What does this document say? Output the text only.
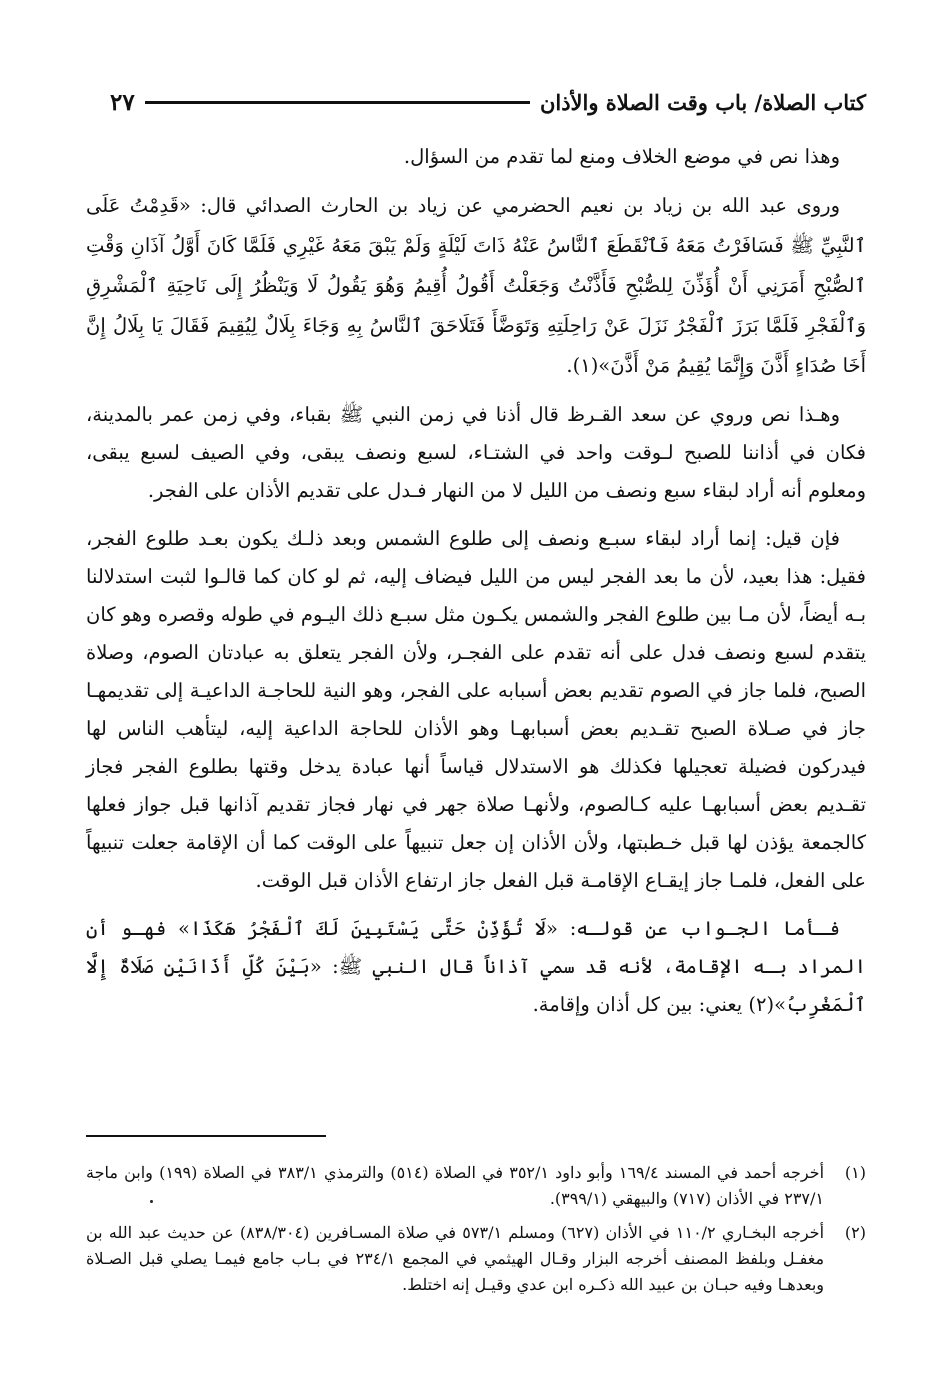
كتاب الصلاة/ باب وقت الصلاة والأذان
٢٧

وهذا نص في موضع الخلاف ومنع لما تقدم من السؤال.

وروى عبد الله بن زياد بن نعيم الحضرمي عن زياد بن الحارث الصدائي قال: «قَدِمْتُ عَلَى ٱلنَّبِيِّ ﷺ فَسَافَرْتُ مَعَهُ فَٱنْقَطَعَ ٱلنَّاسُ عَنْهُ ذَاتَ لَيْلَةٍ وَلَمْ يَبْقَ مَعَهُ غَيْرِي فَلَمَّا كَانَ أَوَّلُ آذَانِ وَقْتِ ٱلصُّبْحِ أَمَرَنِي أَنْ أُؤَذِّنَ لِلصُّبْحِ فَأَذَّنْتُ وَجَعَلْتُ أَقُولُ أُقِيمُ وَهُوَ يَقُولُ لَا وَيَنْظُرُ إِلَى نَاحِيَةِ ٱلْمَشْرِقِ وَٱلْفَجْرِ فَلَمَّا بَرَزَ ٱلْفَجْرُ نَزَلَ عَنْ رَاحِلَتِهِ وَتَوَضَّأَ فَتَلَاحَقَ ٱلنَّاسُ بِهِ وَجَاءَ بِلَالٌ لِيُقِيمَ فَقَالَ يَا بِلَالُ إِنَّ أَخَا صُدَاءٍ أَذَّنَ وَإِنَّمَا يُقِيمُ مَنْ أَذَّنَ»(١).

وهـذا نص وروي عن سعد القـرظ قال أذنا في زمن النبي ﷺ بقباء، وفي زمن عمر بالمدينة، فكان في أذاننا للصبح لـوقت واحد في الشتـاء، لسبع ونصف يبقى، وفي الصيف لسبع يبقى، ومعلوم أنه أراد لبقاء سبع ونصف من الليل لا من النهار فـدل على تقديم الأذان على الفجر.

فإن قيل: إنما أراد لبقاء سبـع ونصف إلى طلوع الشمس وبعد ذلـك يكون بعـد طلوع الفجر، فقيل: هذا بعيد، لأن ما بعد الفجر ليس من الليل فيضاف إليه، ثم لو كان كما قالـوا لثبت استدلالنا بـه أيضاً، لأن مـا بين طلوع الفجر والشمس يكـون مثل سبـع ذلك اليـوم في طوله وقصره وهو كان يتقدم لسبع ونصف فدل على أنه تقدم على الفجـر، ولأن الفجر يتعلق به عبادتان الصوم، وصلاة الصبح، فلما جاز في الصوم تقديم بعض أسبابه على الفجر، وهو النية للحاجـة الداعيـة إلى تقديمهـا جاز في صـلاة الصبح تقـديم بعض أسبابهـا وهو الأذان للحاجة الداعية إليه، ليتأهب الناس لها فيدركون فضيلة تعجيلها فكذلك هو الاستدلال قياساً أنها عبادة يدخل وقتها بطلوع الفجر فجاز تقـديم بعض أسبابهـا عليه كـالصوم، ولأنهـا صلاة جهر في نهار فجاز تقديم آذانها قبل جواز فعلها كالجمعة يؤذن لها قبل خـطبتها، ولأن الأذان إن جعل تنبيهاً على الوقت كما أن الإقامة جعلت تنبيهاً على الفعل، فلمـا جاز إيقـاع الإقامـة قبل الفعل جاز ارتفاع الأذان قبل الوقت.

فـأما الجـواب عن قولـه: «لَا تُؤَذِّنْ حَتَّى يَسْتَبِينَ لَكَ ٱلْفَجْرُ هَكَذَا» فهـو أن المراد بـه الإقامة، لأنه قد سمي آذاناً قال النبي ﷺ: «بَيْنَ كُلِّ أَذَانَيْنِ صَلَاةٌ إِلَّا ٱلْمَغْرِبُ»(٢) يعني: بين كل أذان وإقامة.

(١)
أخرجه أحمد في المسند ١٦٩/٤ وأبو داود ٣٥٢/١ في الصلاة (٥١٤) والترمذي ٣٨٣/١ في الصلاة (١٩٩) وابن ماجة ٢٣٧/١ في الأذان (٧١٧) والبيهقي (٣٩٩/١).
(٢)
أخرجه البخـاري ١١٠/٢ في الأذان (٦٢٧) ومسلم ٥٧٣/١ في صلاة المسـافرين (٨٣٨/٣٠٤) عن حديث عبد الله بن مغفـل وبلفظ المصنف أخرجه البزار وقـال الهيثمي في المجمع ٢٣٤/١ في بـاب جامع فيمـا يصلي قبل الصـلاة وبعدهـا وفيه حبـان بن عبيد الله ذكـره ابن عدي وقيـل إنه اختلط.
